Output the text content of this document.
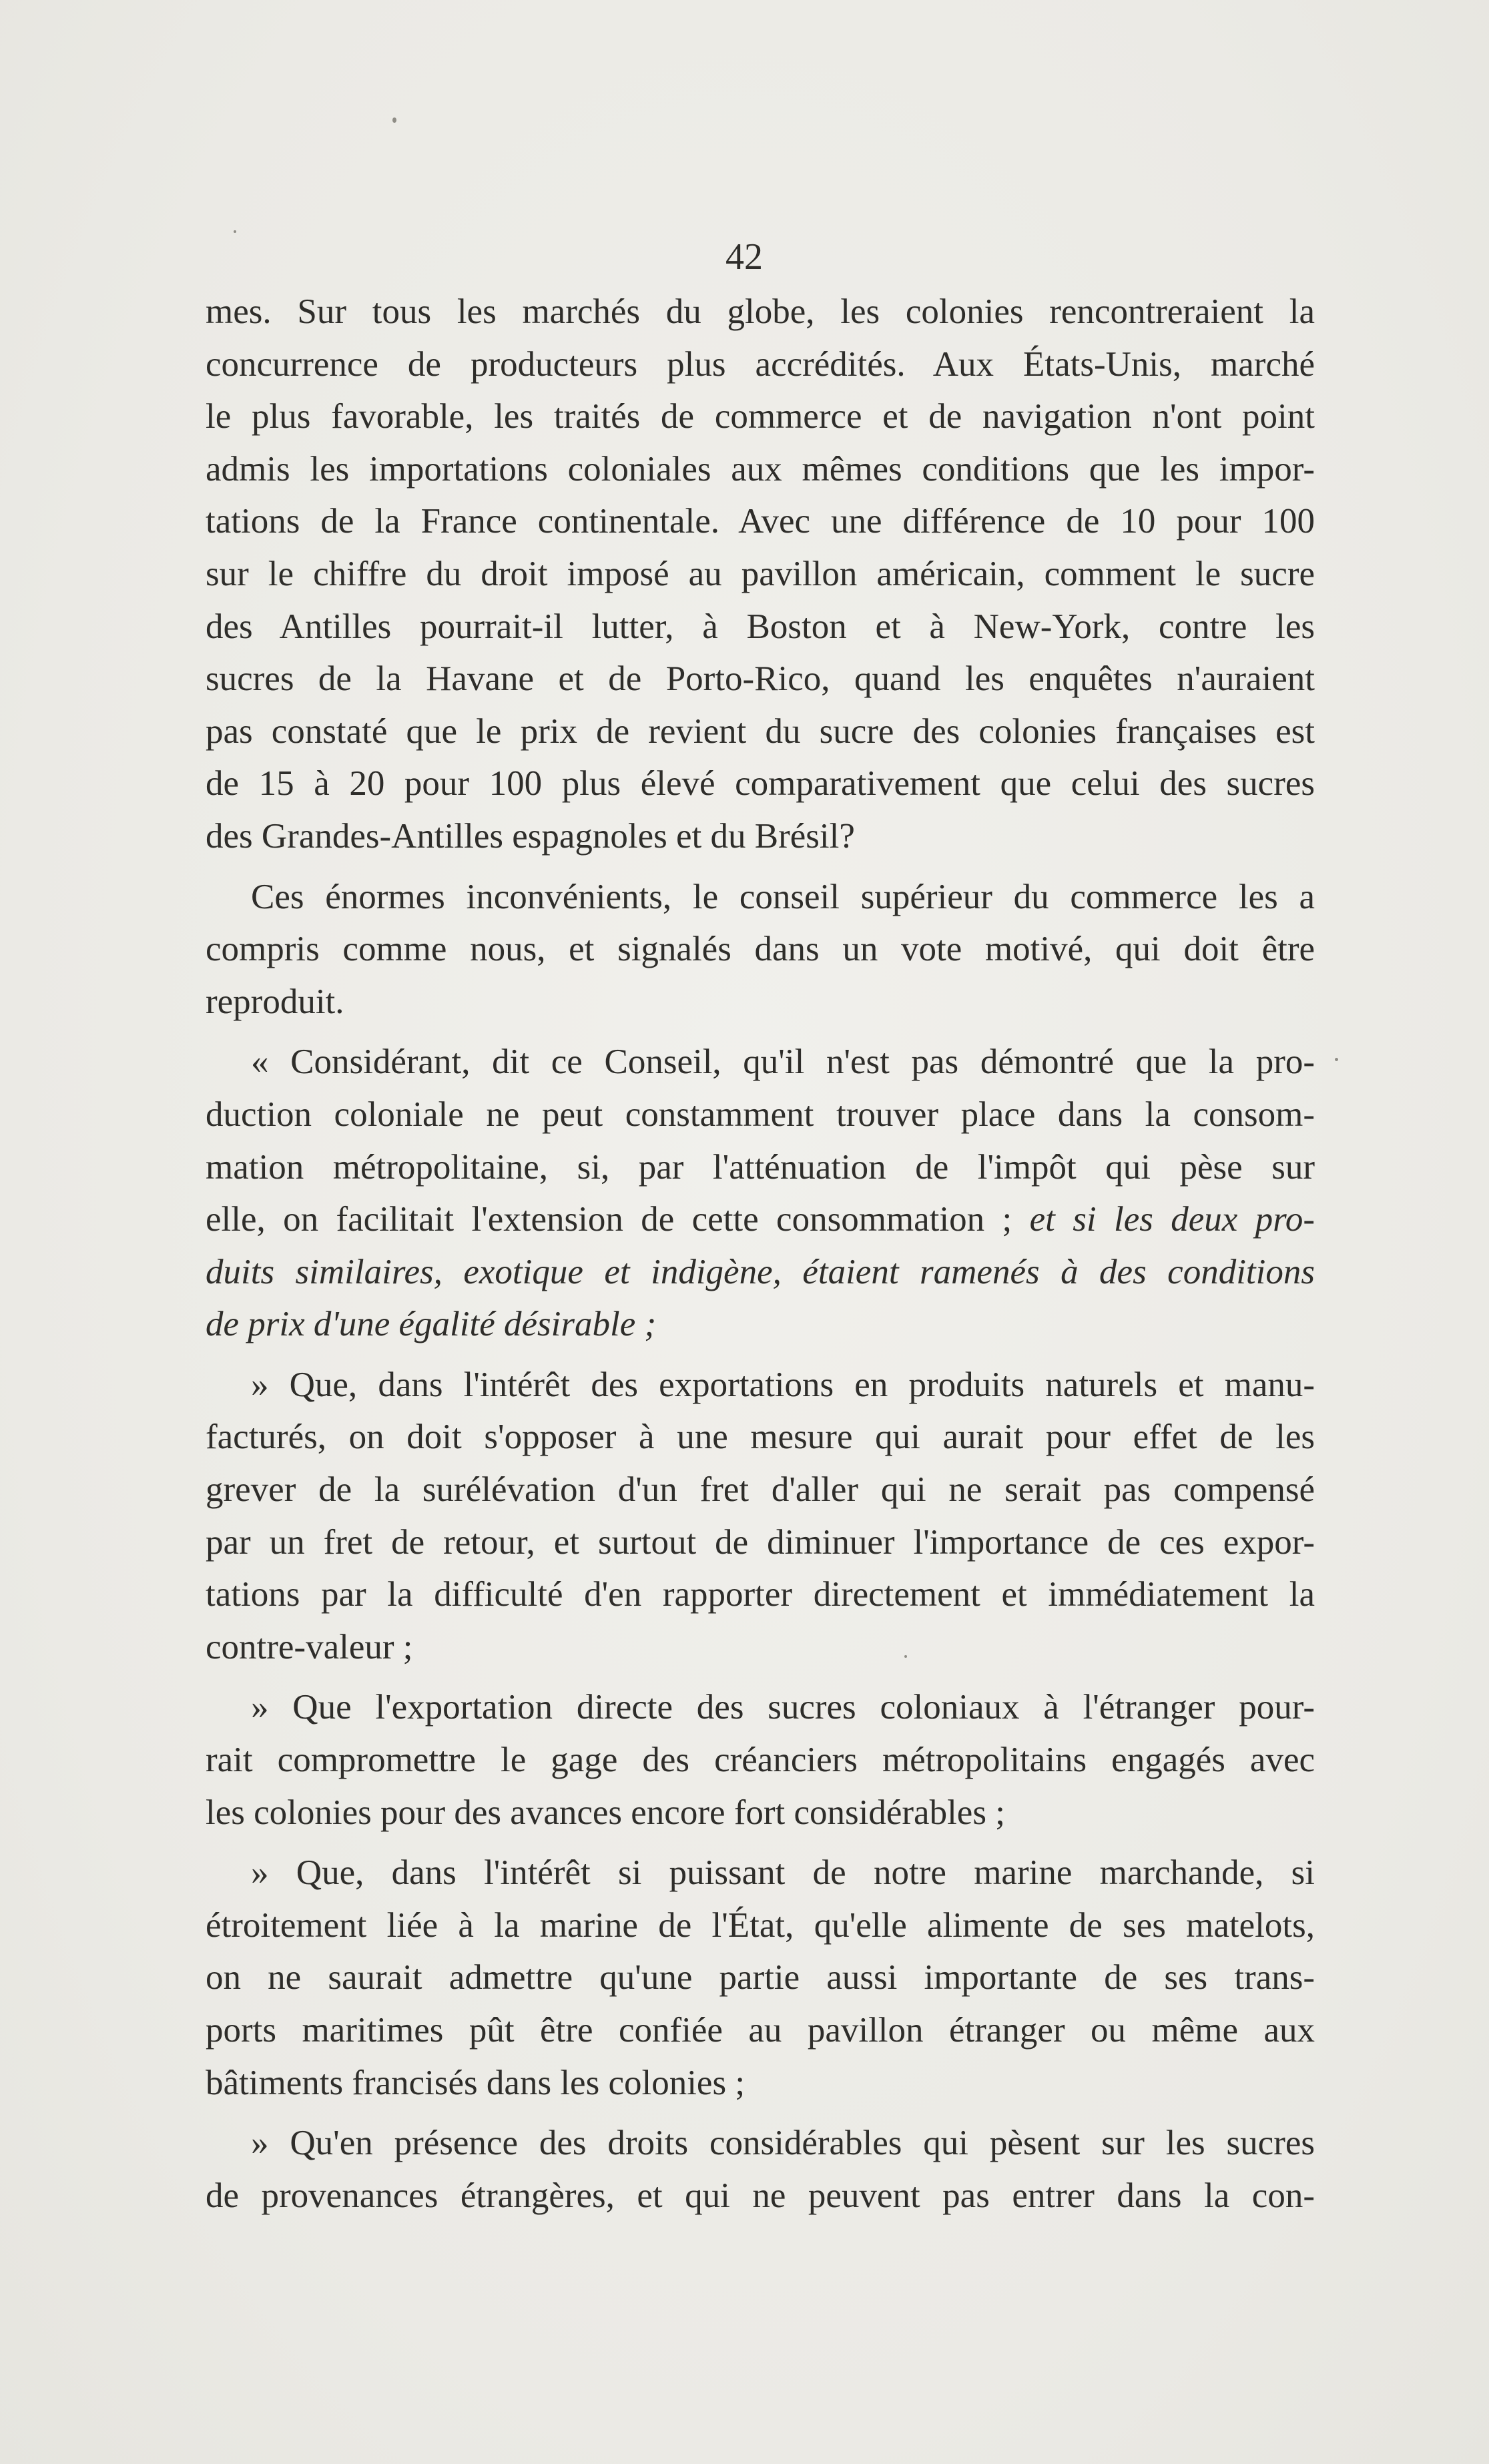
42
mes. Sur tous les marchés du globe, les colonies rencontreraient la
concurrence de producteurs plus accrédités. Aux États-Unis, marché
le plus favorable, les traités de commerce et de navigation n'ont point
admis les importations coloniales aux mêmes conditions que les impor-
tations de la France continentale. Avec une différence de 10 pour 100
sur le chiffre du droit imposé au pavillon américain, comment le sucre
des Antilles pourrait-il lutter, à Boston et à New-York, contre les
sucres de la Havane et de Porto-Rico, quand les enquêtes n'auraient
pas constaté que le prix de revient du sucre des colonies françaises est
de 15 à 20 pour 100 plus élevé comparativement que celui des sucres
des Grandes-Antilles espagnoles et du Brésil?
Ces énormes inconvénients, le conseil supérieur du commerce les a
compris comme nous, et signalés dans un vote motivé, qui doit être
reproduit.
« Considérant, dit ce Conseil, qu'il n'est pas démontré que la pro-
duction coloniale ne peut constamment trouver place dans la consom-
mation métropolitaine, si, par l'atténuation de l'impôt qui pèse sur
elle, on facilitait l'extension de cette consommation ; et si les deux pro-
duits similaires, exotique et indigène, étaient ramenés à des conditions
de prix d'une égalité désirable ;
» Que, dans l'intérêt des exportations en produits naturels et manu-
facturés, on doit s'opposer à une mesure qui aurait pour effet de les
grever de la surélévation d'un fret d'aller qui ne serait pas compensé
par un fret de retour, et surtout de diminuer l'importance de ces expor-
tations par la difficulté d'en rapporter directement et immédiatement la
contre-valeur ;
» Que l'exportation directe des sucres coloniaux à l'étranger pour-
rait compromettre le gage des créanciers métropolitains engagés avec
les colonies pour des avances encore fort considérables ;
» Que, dans l'intérêt si puissant de notre marine marchande, si
étroitement liée à la marine de l'État, qu'elle alimente de ses matelots,
on ne saurait admettre qu'une partie aussi importante de ses trans-
ports maritimes pût être confiée au pavillon étranger ou même aux
bâtiments francisés dans les colonies ;
» Qu'en présence des droits considérables qui pèsent sur les sucres
de provenances étrangères, et qui ne peuvent pas entrer dans la con-
